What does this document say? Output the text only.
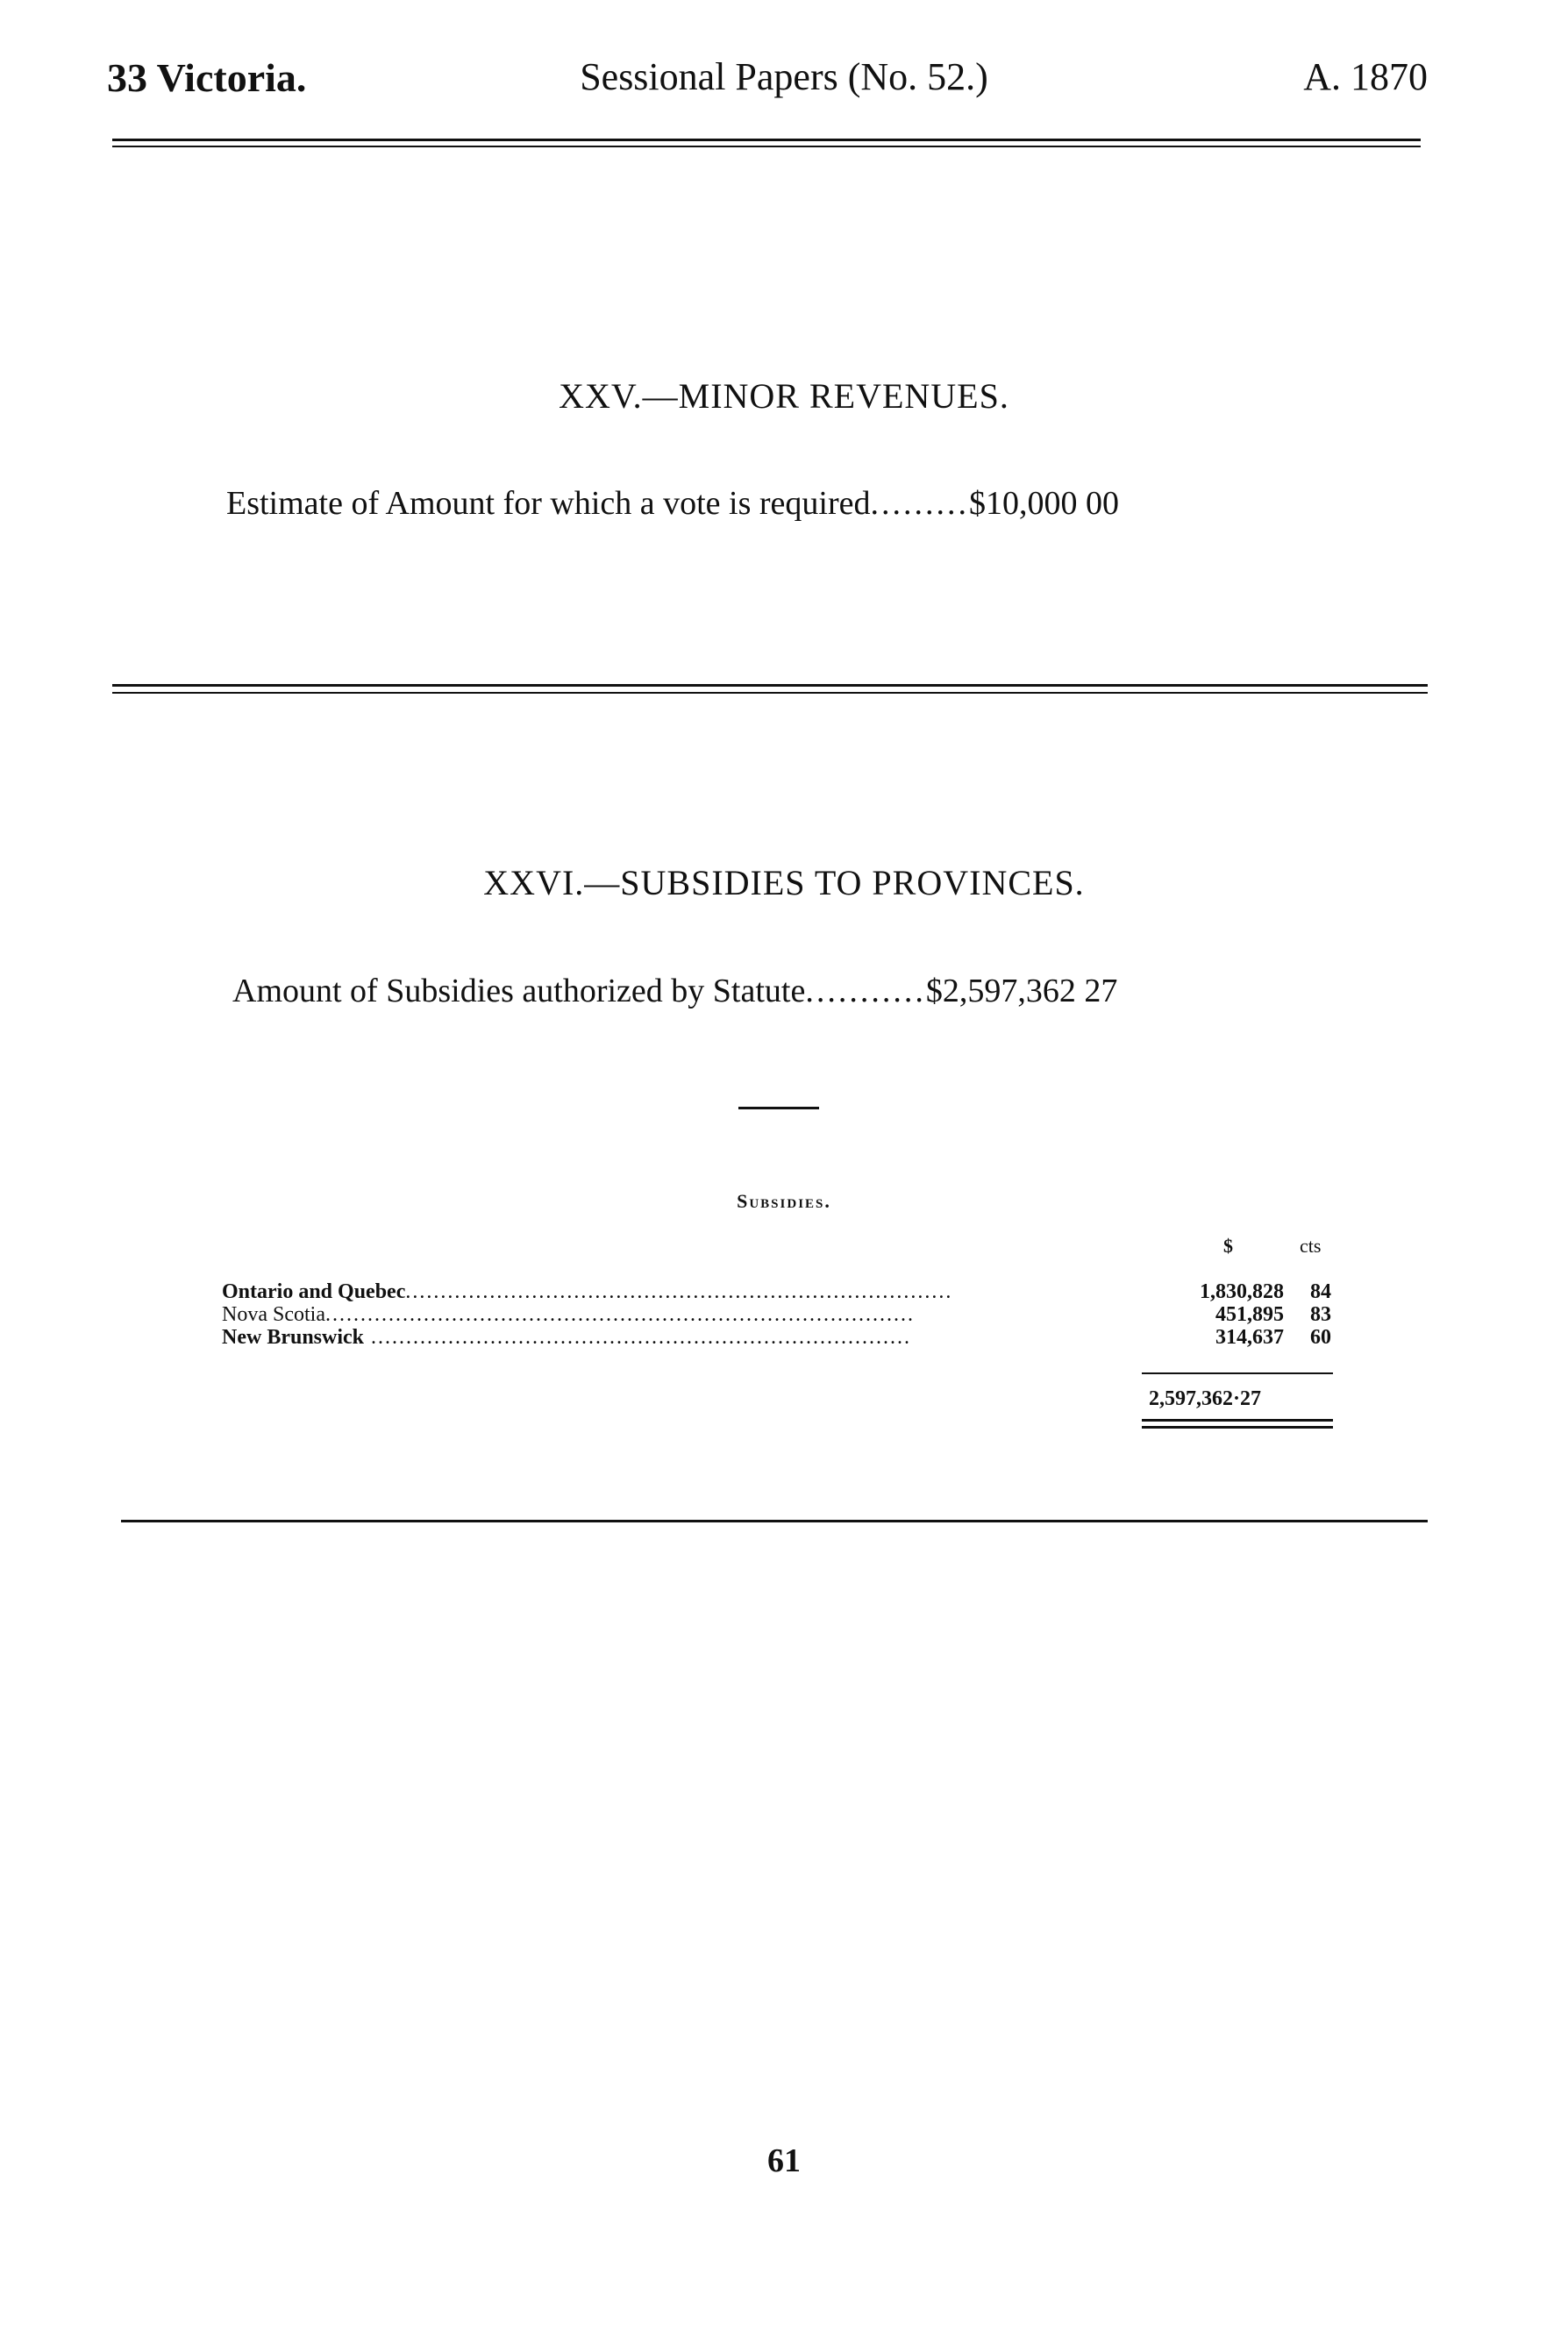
33 Victoria.	Sessional Papers (No. 52.)	A. 1870
XXV.—MINOR REVENUES.
Estimate of Amount for which a vote is required.........$10,000 00
XXVI.—SUBSIDIES TO PROVINCES.
Amount of Subsidies authorized by Statute...........$2,597,362 27
Subsidies.
$	cts
Ontario and Quebec..............................................................................	1,830,828	84
Nova Scotia....................................................................................	451,895	83
New Brunswick .............................................................................	314,637	60
2,597,362·27
61
